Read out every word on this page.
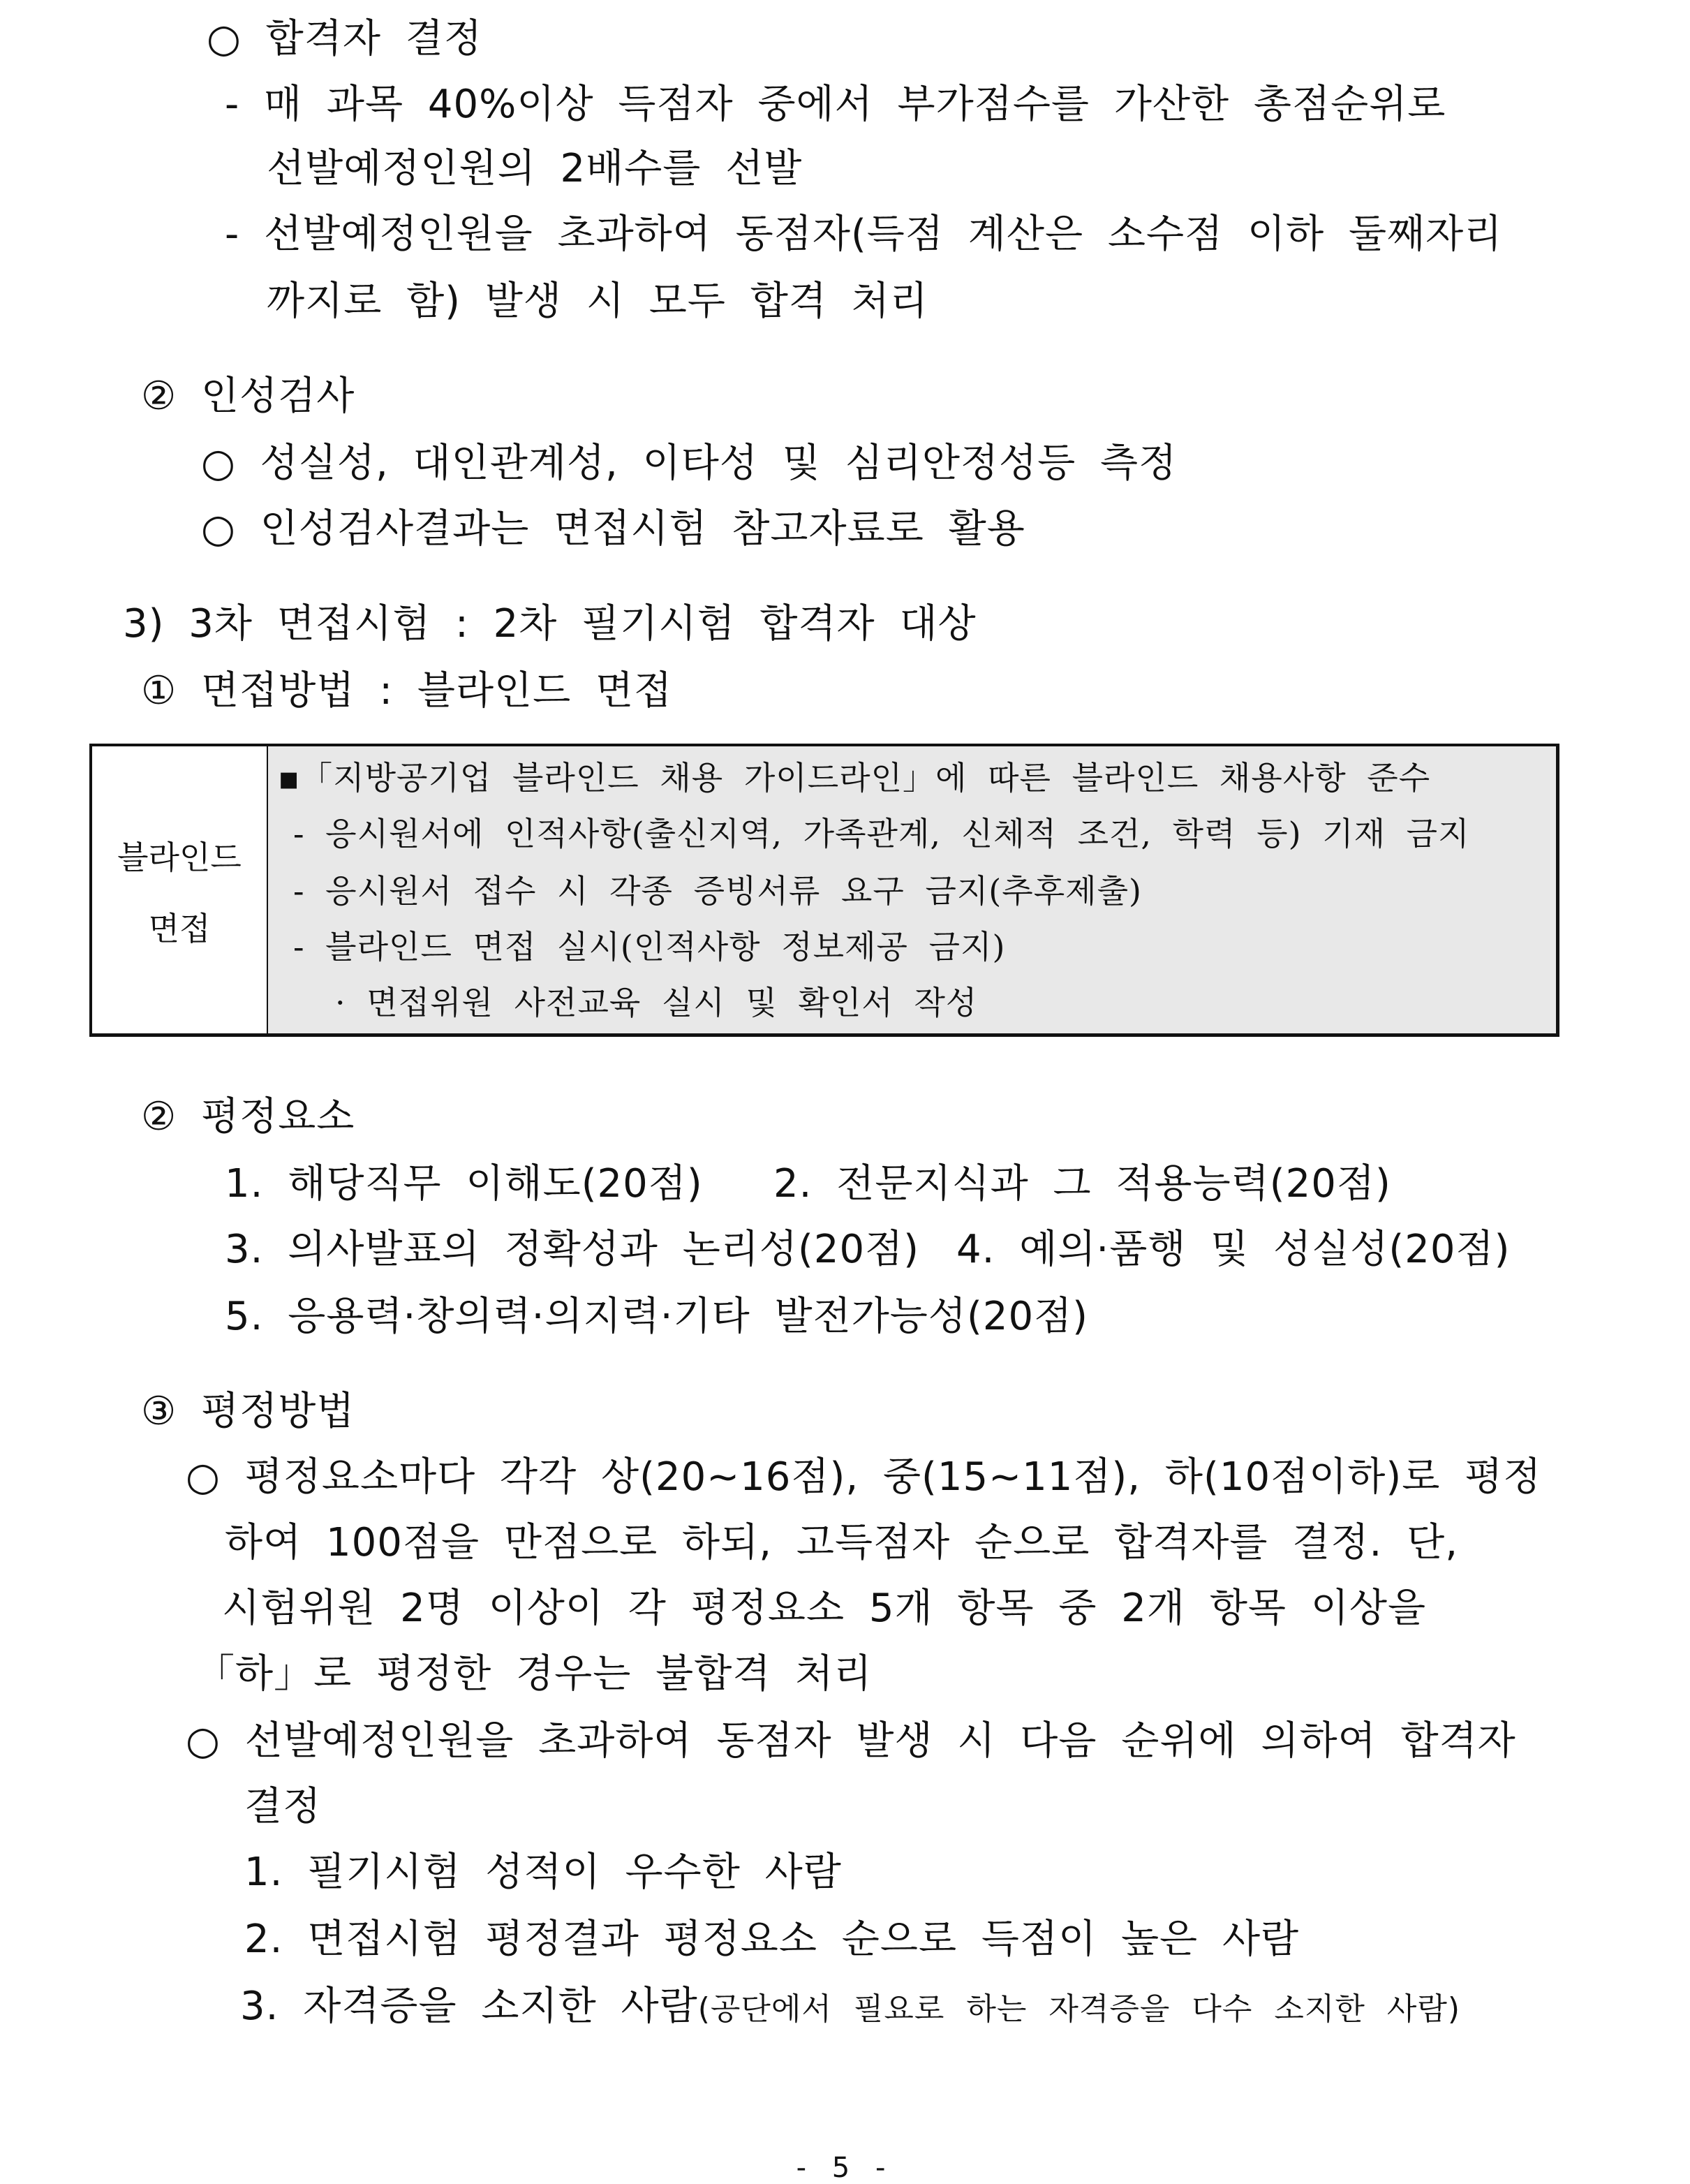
○ 합격자 결정
- 매 과목 40%이상 득점자 중에서 부가점수를 가산한 총점순위로
선발예정인원의 2배수를 선발
- 선발예정인원을 초과하여 동점자(득점 계산은 소수점 이하 둘째자리
까지로 함) 발생 시 모두 합격 처리
② 인성검사
○ 성실성, 대인관계성, 이타성 및 심리안정성등 측정
○ 인성검사결과는 면접시험 참고자료로 활용
3) 3차 면접시험 : 2차 필기시험 합격자 대상
① 면접방법 : 블라인드 면접
블라인드
면접
▪「지방공기업 블라인드 채용 가이드라인」에 따른 블라인드 채용사항 준수
- 응시원서에 인적사항(출신지역, 가족관계, 신체적 조건, 학력 등) 기재 금지
- 응시원서 접수 시 각종 증빙서류 요구 금지(추후제출)
- 블라인드 면접 실시(인적사항 정보제공 금지)
· 면접위원 사전교육 실시 및 확인서 작성
② 평정요소
1. 해당직무 이해도(20점) 2. 전문지식과 그 적용능력(20점)
3. 의사발표의 정확성과 논리성(20점) 4. 예의·품행 및 성실성(20점)
5. 응용력·창의력·의지력·기타 발전가능성(20점)
③ 평정방법
○ 평정요소마다 각각 상(20~16점), 중(15~11점), 하(10점이하)로 평정
하여 100점을 만점으로 하되, 고득점자 순으로 합격자를 결정. 단,
시험위원 2명 이상이 각 평정요소 5개 항목 중 2개 항목 이상을
「하」로 평정한 경우는 불합격 처리
○ 선발예정인원을 초과하여 동점자 발생 시 다음 순위에 의하여 합격자
결정
1. 필기시험 성적이 우수한 사람
2. 면접시험 평정결과 평정요소 순으로 득점이 높은 사람
3. 자격증을 소지한 사람(공단에서 필요로 하는 자격증을 다수 소지한 사람)
- 5 -
